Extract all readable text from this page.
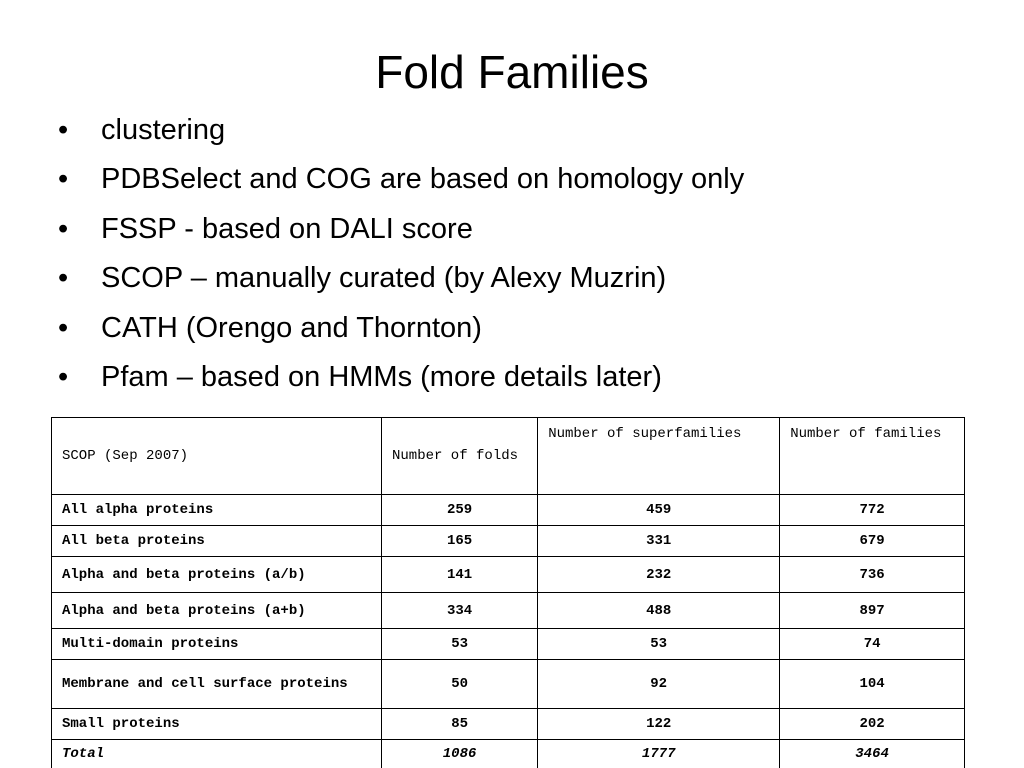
Fold Families
• clustering
• PDBSelect and COG are based on homology only
• FSSP - based on DALI score
• SCOP – manually curated (by Alexy Muzrin)
• CATH (Orengo and Thornton)
• Pfam – based on HMMs (more details later)
SCOP (Sep 2007)	Number of folds	Number of superfamilies	Number of families
All alpha proteins	259	459	772
All beta proteins	165	331	679
Alpha and beta proteins (a/b)	141	232	736
Alpha and beta proteins (a+b)	334	488	897
Multi-domain proteins	53	53	74
Membrane and cell surface proteins	50	92	104
Small proteins	85	122	202
Total	1086	1777	3464
